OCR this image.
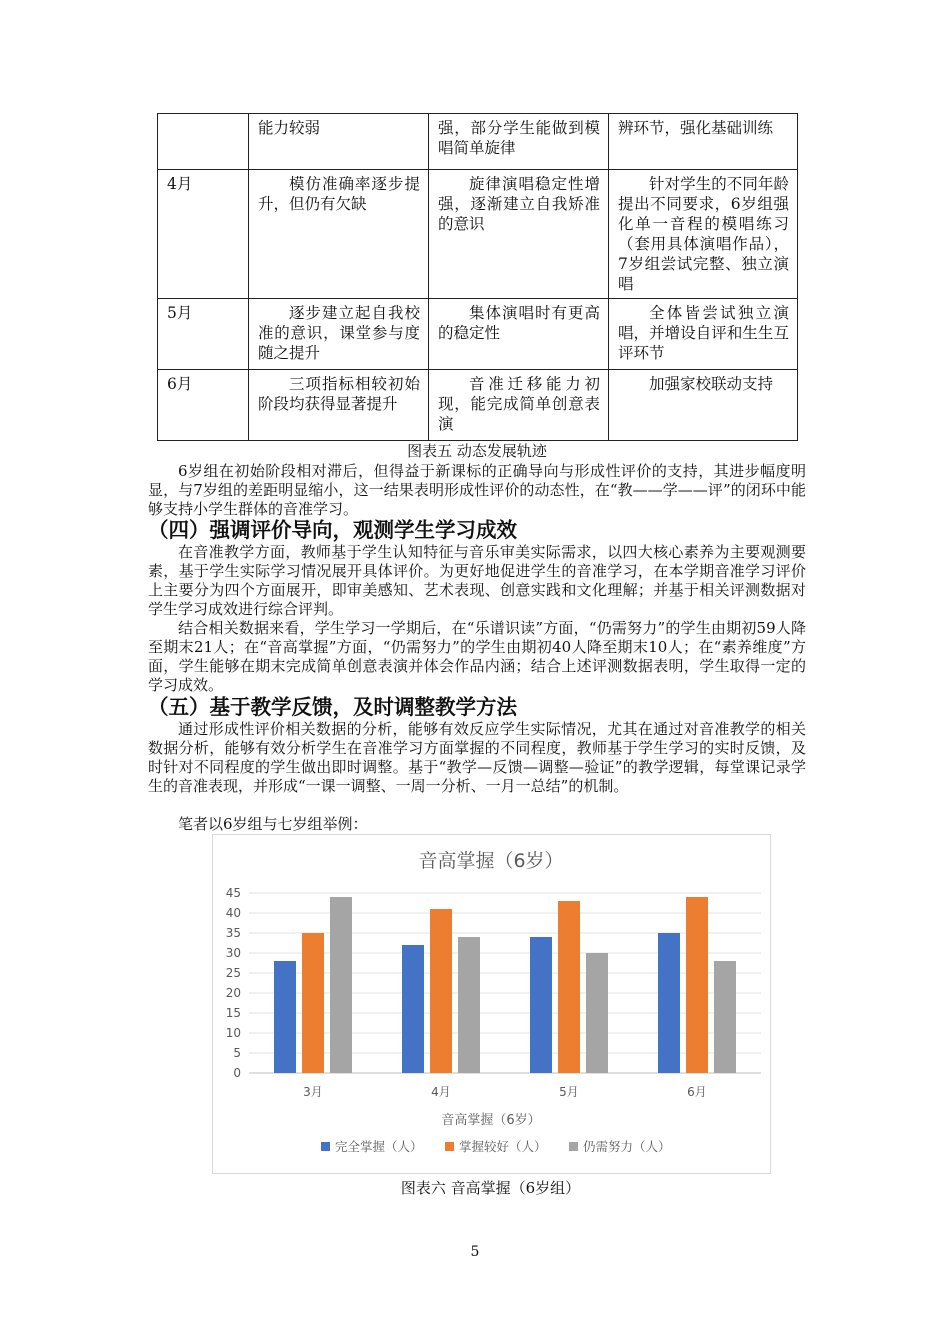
	能力较弱	强，部分学生能做到模唱简单旋律	辨环节，强化基础训练
4月	模仿准确率逐步提升，但仍有欠缺	旋律演唱稳定性增强，逐渐建立自我矫准的意识	针对学生的不同年龄提出不同要求，6岁组强化单一音程的模唱练习（套用具体演唱作品），7岁组尝试完整、独立演唱
5月	逐步建立起自我校准的意识，课堂参与度随之提升	集体演唱时有更高的稳定性	全体皆尝试独立演唱，并增设自评和生生互评环节
6月	三项指标相较初始阶段均获得显著提升	音准迁移能力初现，能完成简单创意表演	加强家校联动支持
图表五 动态发展轨迹

6岁组在初始阶段相对滞后，但得益于新课标的正确导向与形成性评价的支持，其进步幅度明显，与7岁组的差距明显缩小，这一结果表明形成性评价的动态性，在“教——学——评”的闭环中能够支持小学生群体的音准学习。

（四）强调评价导向，观测学生学习成效

在音准教学方面，教师基于学生认知特征与音乐审美实际需求，以四大核心素养为主要观测要素，基于学生实际学习情况展开具体评价。为更好地促进学生的音准学习，在本学期音准学习评价上主要分为四个方面展开，即审美感知、艺术表现、创意实践和文化理解；并基于相关评测数据对学生学习成效进行综合评判。

结合相关数据来看，学生学习一学期后，在“乐谱识读”方面，“仍需努力”的学生由期初59人降至期末21人；在“音高掌握”方面，“仍需努力”的学生由期初40人降至期末10人；在“素养维度”方面，学生能够在期末完成简单创意表演并体会作品内涵；结合上述评测数据表明，学生取得一定的学习成效。

（五）基于教学反馈，及时调整教学方法

通过形成性评价相关数据的分析，能够有效反应学生实际情况，尤其在通过对音准教学的相关数据分析，能够有效分析学生在音准学习方面掌握的不同程度，教师基于学生学习的实时反馈，及时针对不同程度的学生做出即时调整。基于“教学—反馈—调整—验证”的教学逻辑，每堂课记录学生的音准表现，并形成“一课一调整、一周一分析、一月一总结”的机制。

笔者以6岁组与七岁组举例：

音高掌握（6岁）
0
5
10
15
20
25
30
35
40
45
3月	4月	5月	6月
音高掌握（6岁）
完全掌握（人）	掌握较好（人）	仍需努力（人）
图表六 音高掌握（6岁组）
5
